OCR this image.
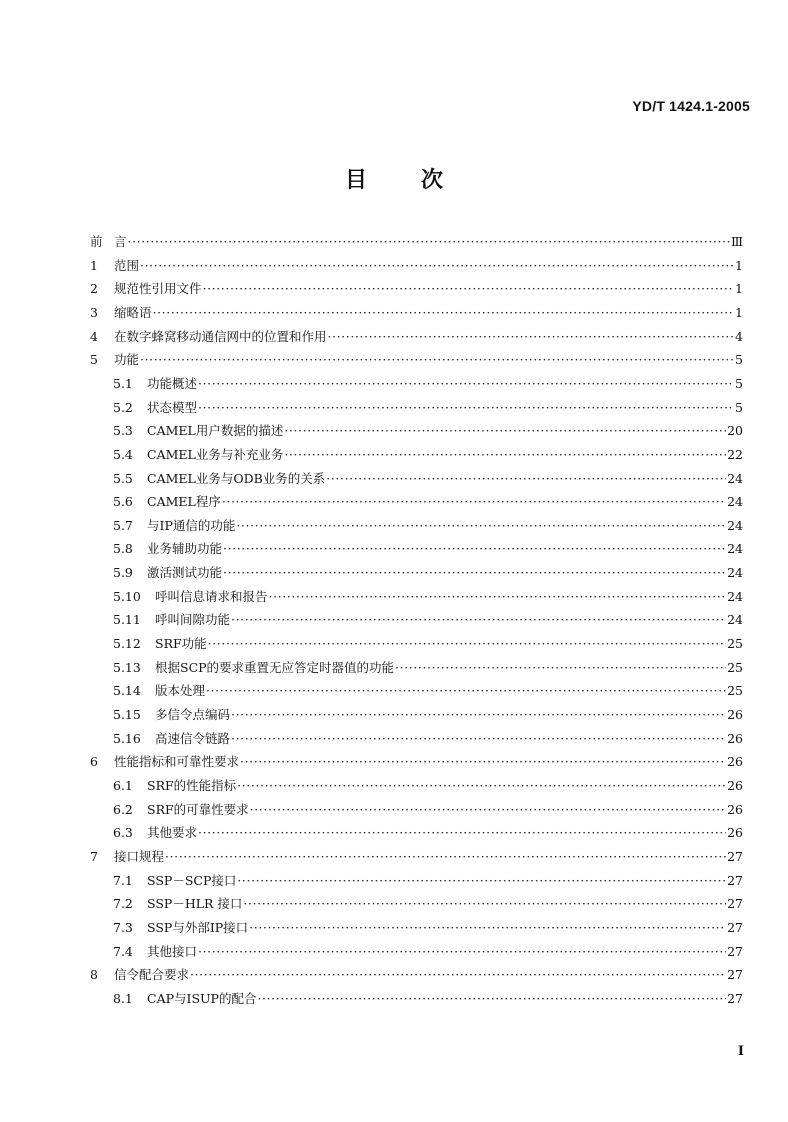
YD/T 1424.1-2005
目 次
前 言 ·····	Ⅲ
1	范围 ·····	1
2	规范性引用文件 ·····	1
3	缩略语 ·····	1
4	在数字蜂窝移动通信网中的位置和作用 ·····	4
5	功能 ·····	5
5.1	功能概述 ·····	5
5.2	状态模型 ·····	5
5.3	CAMEL用户数据的描述 ·····	20
5.4	CAMEL业务与补充业务 ·····	22
5.5	CAMEL业务与ODB业务的关系 ·····	24
5.6	CAMEL程序 ·····	24
5.7	与IP通信的功能 ·····	24
5.8	业务辅助功能 ·····	24
5.9	激活测试功能 ·····	24
5.10	呼叫信息请求和报告 ·····	24
5.11	呼叫间隙功能 ·····	24
5.12	SRF功能 ·····	25
5.13	根据SCP的要求重置无应答定时器值的功能 ·····	25
5.14	版本处理 ·····	25
5.15	多信令点编码 ·····	26
5.16	高速信令链路 ·····	26
6	性能指标和可靠性要求 ·····	26
6.1	SRF的性能指标 ·····	26
6.2	SRF的可靠性要求 ·····	26
6.3	其他要求 ·····	26
7	接口规程 ·····	27
7.1	SSP－SCP接口 ·····	27
7.2	SSP－HLR 接口 ·····	27
7.3	SSP与外部IP接口 ·····	27
7.4	其他接口 ·····	27
8	信令配合要求 ·····	27
8.1	CAP与ISUP的配合 ·····	27
I
